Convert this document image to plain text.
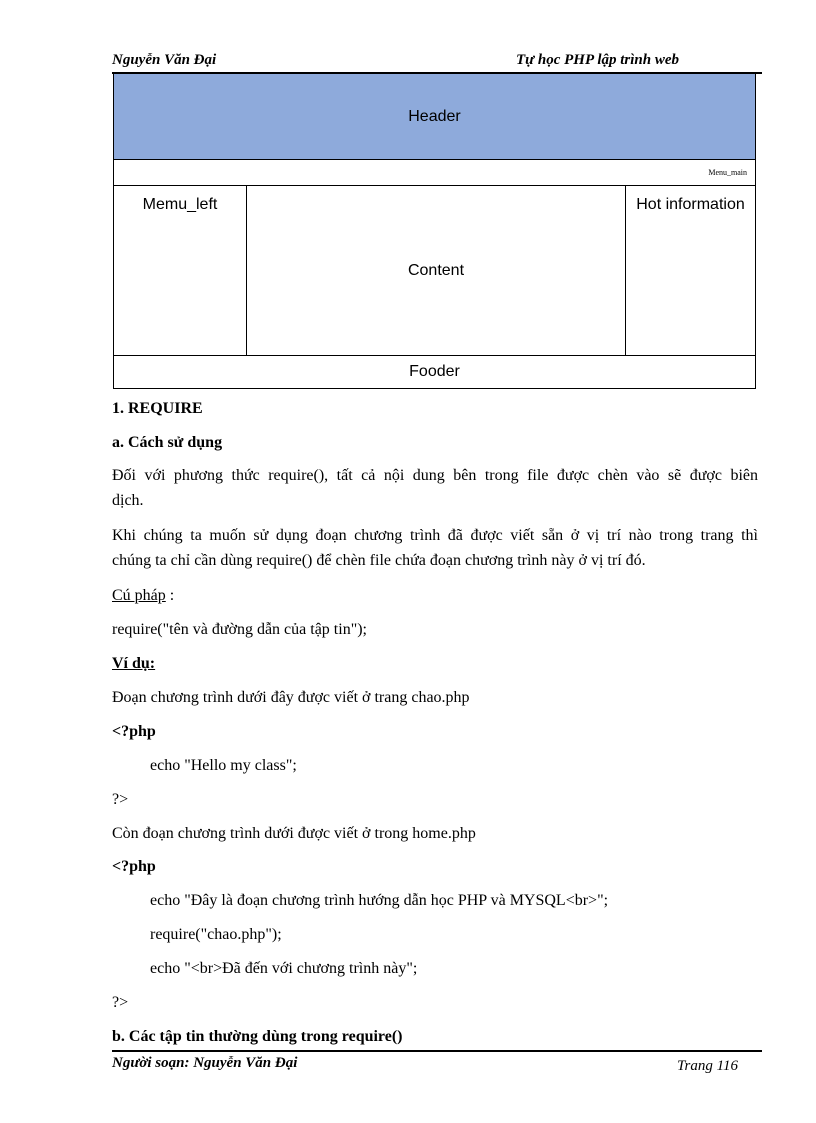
Nguyễn Văn Đại	Tự học PHP lập trình web
Header
Menu_main
Memu_left
Content
Hot information
Fooder
1. REQUIRE
a. Cách sử dụng
Đối với phương thức require(), tất cả nội dung bên trong file được chèn vào sẽ được biên
dịch.
Khi chúng ta muốn sử dụng đoạn chương trình đã được viết sẵn ở vị trí nào trong trang thì
chúng ta chỉ cần dùng require() để chèn file chứa đoạn chương trình này ở vị trí đó.
Cú pháp :
require("tên và đường dẫn của tập tin");
Ví dụ:
Đoạn chương trình dưới đây được viết ở trang chao.php
<?php
echo "Hello my class";
?>
Còn đoạn chương trình dưới được viết ở trong home.php
<?php
echo "Đây là đoạn chương trình hướng dẫn học PHP và MYSQL<br>";
require("chao.php");
echo "<br>Đã đến với chương trình này";
?>
b. Các tập tin thường dùng trong require()
Người soạn: Nguyễn Văn Đại	Trang 116
